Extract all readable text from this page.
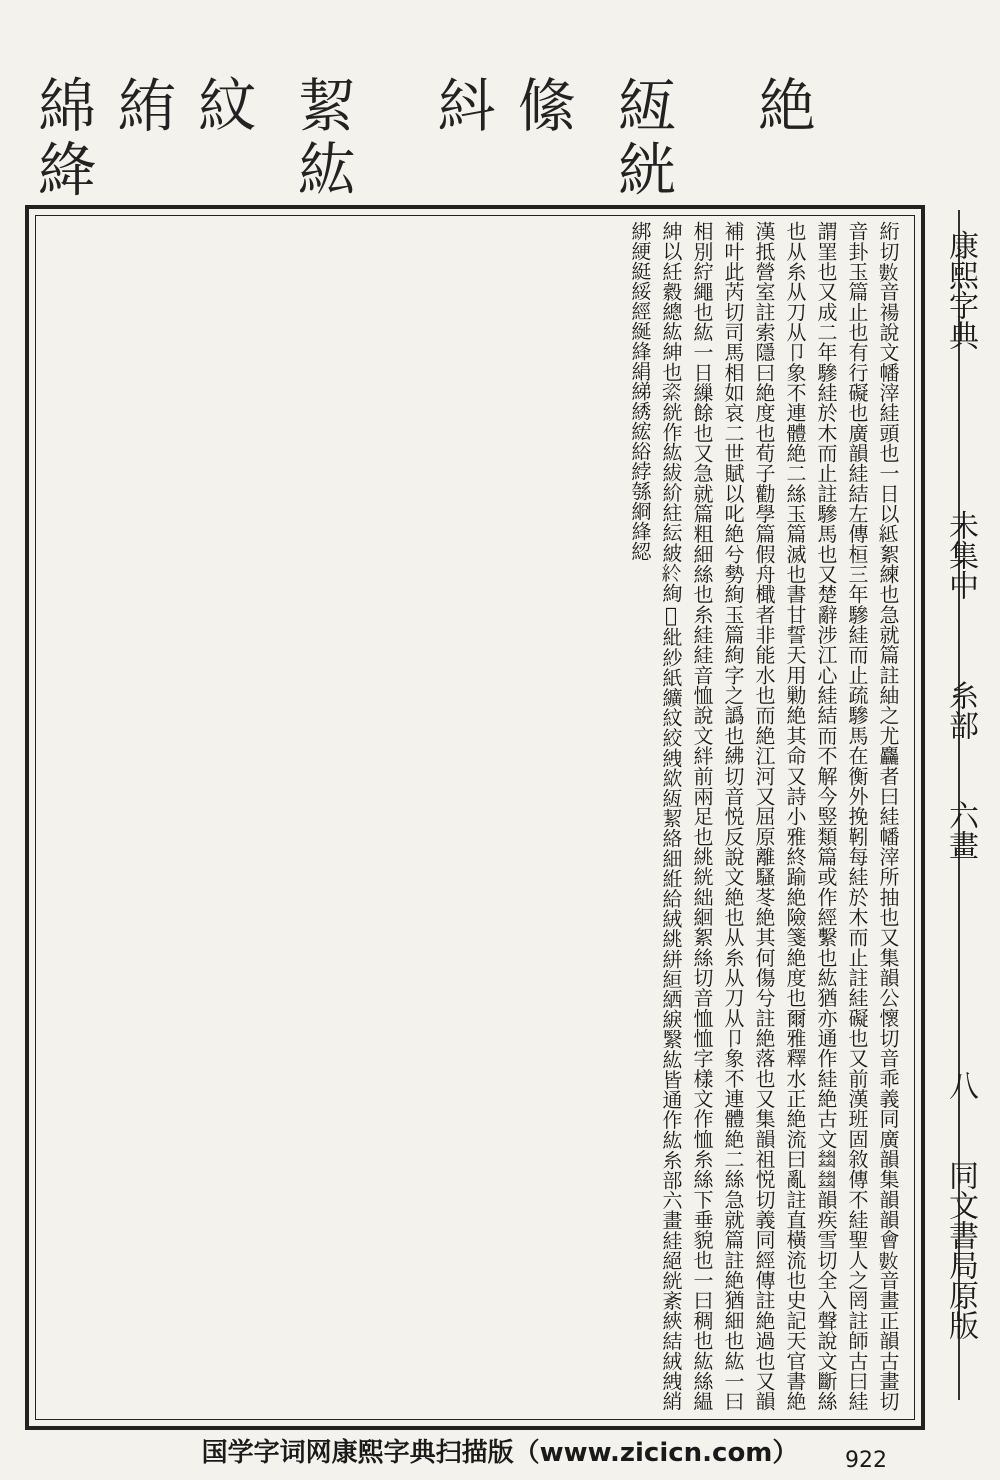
綿絳 絠 紋 絜紘 紏 絛 絚絖 絶
絎切𢿙音禓說文幡滓絓頭也一日以𥿄絮練也急就篇註紬之尤麤者曰絓幡滓所抽也又集韻公懷切音乖義同廣韻集韻韻會𢿙音畫正韻古畫切音卦玉篇止也有行礙也廣韻絓結左傳桓三年驂絓而止疏驂馬在衡外挽靷每絓於木而止註絓礙也又前漢班固敘傳不絓聖人之罔註師古曰絓謂罣也又成二年驂絓於木而止註驂馬也又楚辭涉江心絓結而不解今竪類篇或作經繫也紘猶亦通作絓絶古文𢇍𢇍韻疾雪切全入聲說文斷絲也从糸从刀从卩象不連體絶二絲玉篇滅也書甘誓天用勦絶其命又詩小雅終踰絶險箋絶度也爾雅釋水正絶流曰亂註直橫流也史記天官書絶漢抵營室註索隱曰絶度也荀子勸學篇假舟檝者非能水也而絶江河又屈原離騷苳絶其何傷兮註絶落也又集韻祖悦切義同經傳註絶過也又韻補叶此芮切司馬相如哀二世賦以叱絶兮勢絢玉篇絢字之譌也紼切音悦反說文絶也从糸从刀从卩象不連體絶二絲急就篇註絶猶細也紘一曰相別紵繩也紘一日繅餘也又急就篇粗細絲也糸絓絓音恤說文絆前兩足也絩絖絀絗絮絲切音恤恤字樣文作恤糸絲下垂貌也一曰稠也紘絲緼紳以紝縠總紘紳也𥿩絖作紘紱紒紸紜紴𥾪絢𥾾紕紗紙纊紋絞絏絘絚絜絡細絍給絨絩絣絙絤綟繄紘皆通作紘糸部六畫絓絕絖紊綊結絨絏綃綁綆綎綏經綖綘絹綈綉綋綌綍綔綗綘綛	康熙字典
未集中
糸部
六畫
八
同文書局原版
国学字词网康熙字典扫描版（www.zicicn.com）	922
